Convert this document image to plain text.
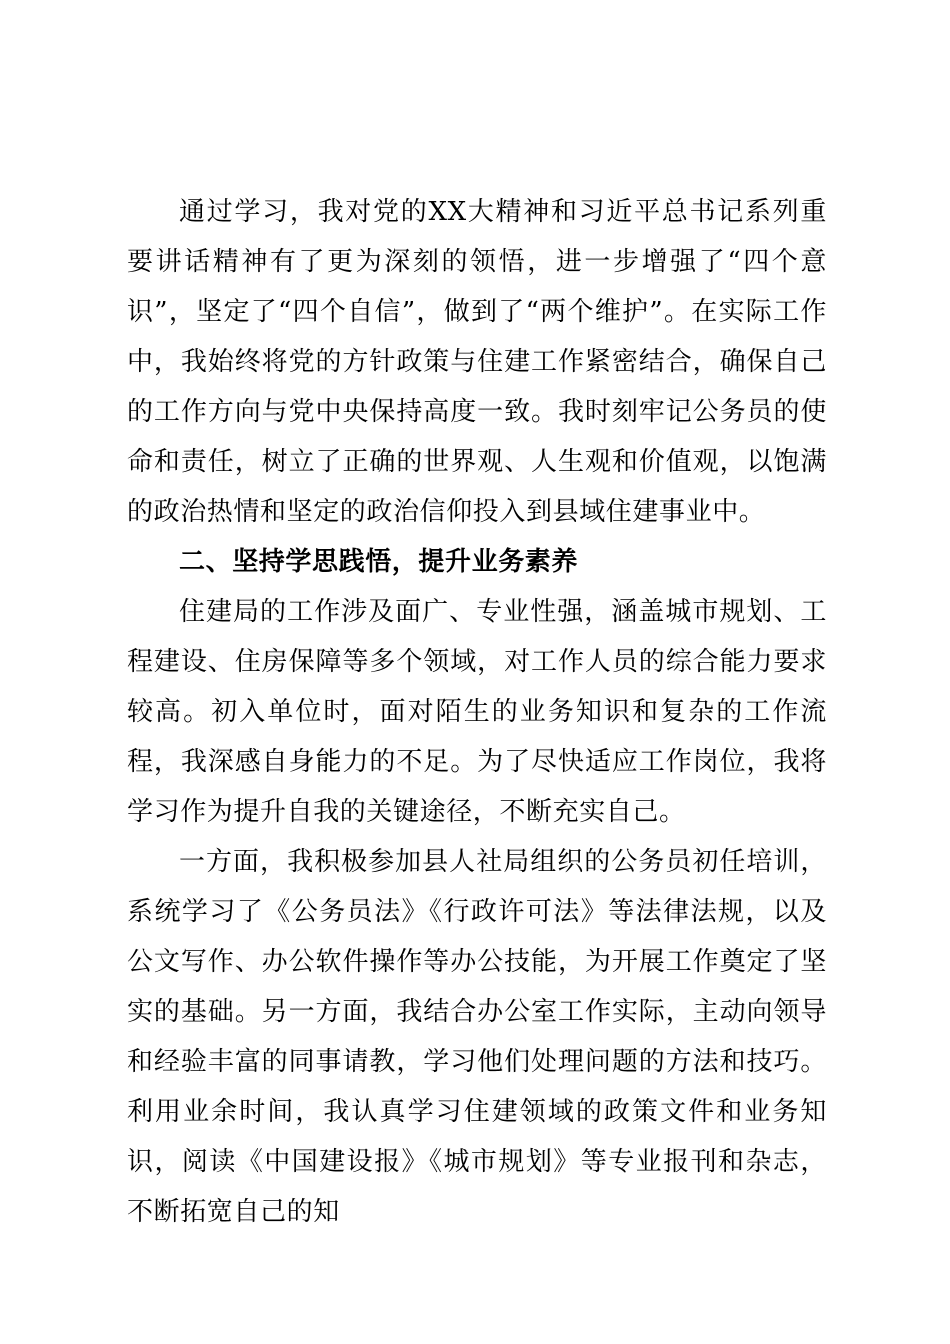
通过学习，我对党的XX大精神和习近平总书记系列重要讲话精神有了更为深刻的领悟，进一步增强了“四个意识”，坚定了“四个自信”，做到了“两个维护”。在实际工作中，我始终将党的方针政策与住建工作紧密结合，确保自己的工作方向与党中央保持高度一致。我时刻牢记公务员的使命和责任，树立了正确的世界观、人生观和价值观，以饱满的政治热情和坚定的政治信仰投入到县域住建事业中。

二、坚持学思践悟，提升业务素养

住建局的工作涉及面广、专业性强，涵盖城市规划、工程建设、住房保障等多个领域，对工作人员的综合能力要求较高。初入单位时，面对陌生的业务知识和复杂的工作流程，我深感自身能力的不足。为了尽快适应工作岗位，我将学习作为提升自我的关键途径，不断充实自己。

一方面，我积极参加县人社局组织的公务员初任培训，系统学习了《公务员法》《行政许可法》等法律法规，以及公文写作、办公软件操作等办公技能，为开展工作奠定了坚实的基础。另一方面，我结合办公室工作实际，主动向领导和经验丰富的同事请教，学习他们处理问题的方法和技巧。利用业余时间，我认真学习住建领域的政策文件和业务知识，阅读《中国建设报》《城市规划》等专业报刊和杂志，不断拓宽自己的知
